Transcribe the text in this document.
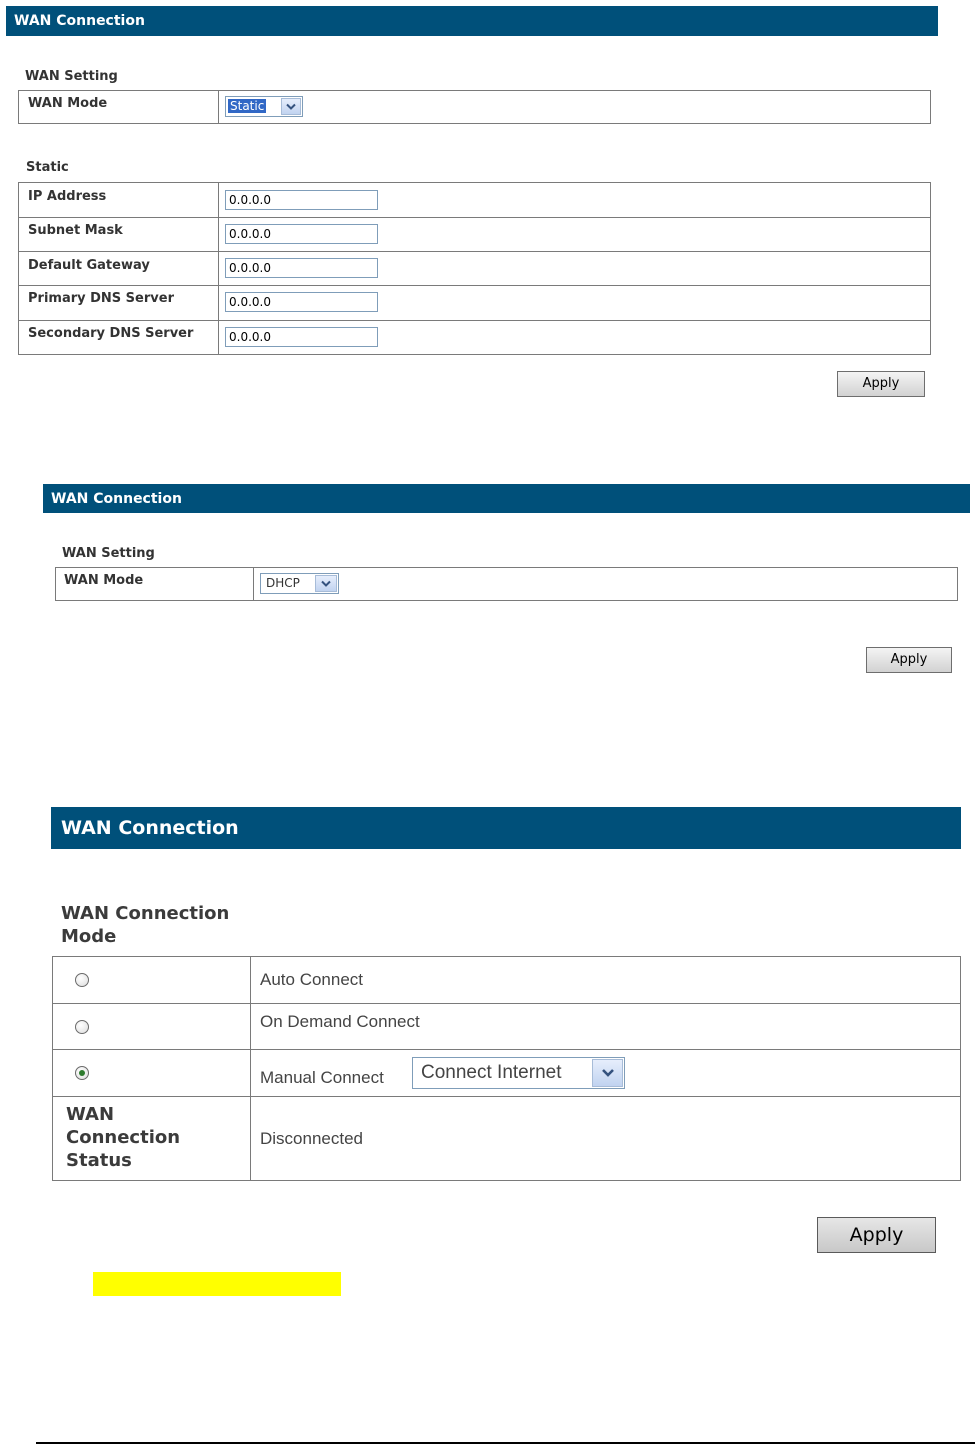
WAN Connection
WAN Setting
WAN Mode	Static
Static
IP Address	0.0.0.0

Subnet Mask	0.0.0.0

Default Gateway	0.0.0.0

Primary DNS Server	0.0.0.0

Secondary DNS Server	0.0.0.0
Apply
WAN Connection
WAN Setting
WAN Mode	DHCP
Apply
WAN Connection
WAN Connection
Mode

	Auto Connect

	On Demand Connect

	Manual Connect Connect Internet

WAN
Connection
Status	Disconnected
Apply
